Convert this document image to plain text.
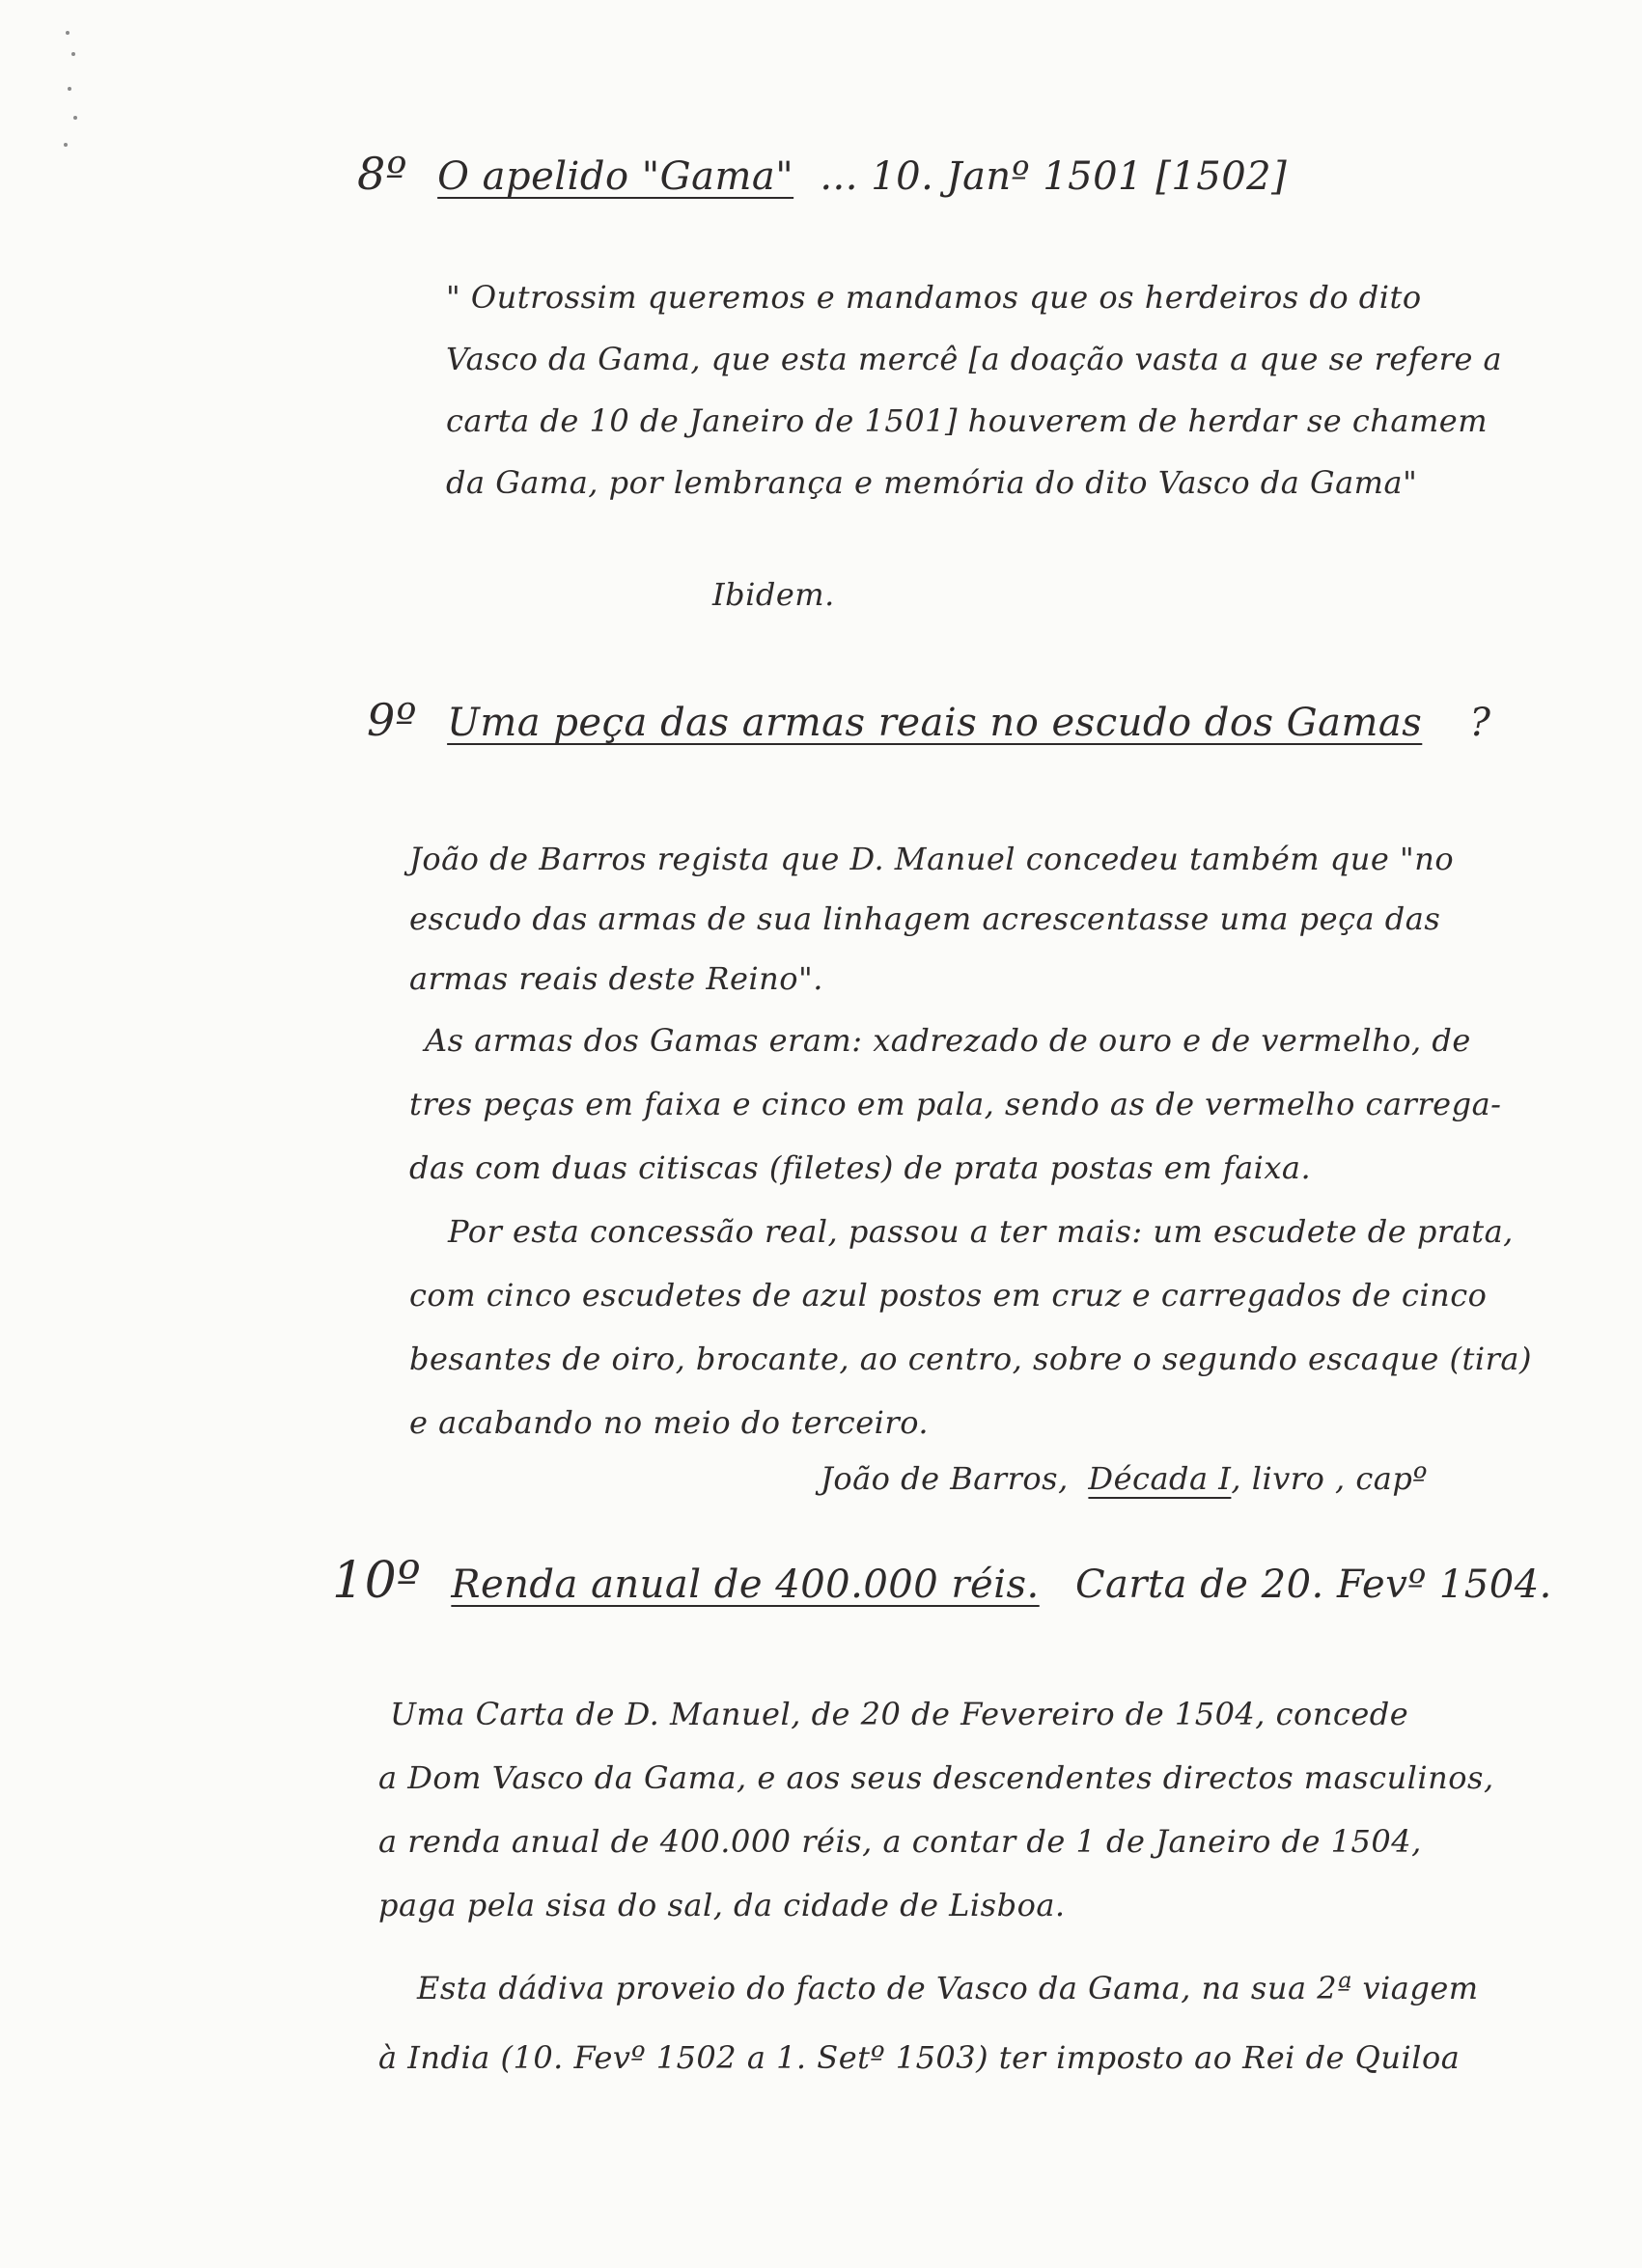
8º O apelido "Gama" ... 10. Janº 1501 [1502]
" Outrossim queremos e mandamos que os herdeiros do dito
Vasco da Gama, que esta mercê [a doação vasta a que se refere a
carta de 10 de Janeiro de 1501] houverem de herdar se chamem
da Gama, por lembrança e memória do dito Vasco da Gama"
Ibidem.
9º Uma peça das armas reais no escudo dos Gamas ?
João de Barros regista que D. Manuel concedeu também que "no
escudo das armas de sua linhagem acrescentasse uma peça das
armas reais deste Reino".
As armas dos Gamas eram: xadrezado de ouro e de vermelho, de
tres peças em faixa e cinco em pala, sendo as de vermelho carrega-
das com duas citiscas (filetes) de prata postas em faixa.
Por esta concessão real, passou a ter mais: um escudete de prata,
com cinco escudetes de azul postos em cruz e carregados de cinco
besantes de oiro, brocante, ao centro, sobre o segundo escaque (tira)
e acabando no meio do terceiro.
João de Barros, Década I, livro , capº
10º Renda anual de 400.000 réis. Carta de 20. Fevº 1504.
Uma Carta de D. Manuel, de 20 de Fevereiro de 1504, concede
a Dom Vasco da Gama, e aos seus descendentes directos masculinos,
a renda anual de 400.000 réis, a contar de 1 de Janeiro de 1504,
paga pela sisa do sal, da cidade de Lisboa.
Esta dádiva proveio do facto de Vasco da Gama, na sua 2ª viagem
à India (10. Fevº 1502 a 1. Setº 1503) ter imposto ao Rei de Quiloa
